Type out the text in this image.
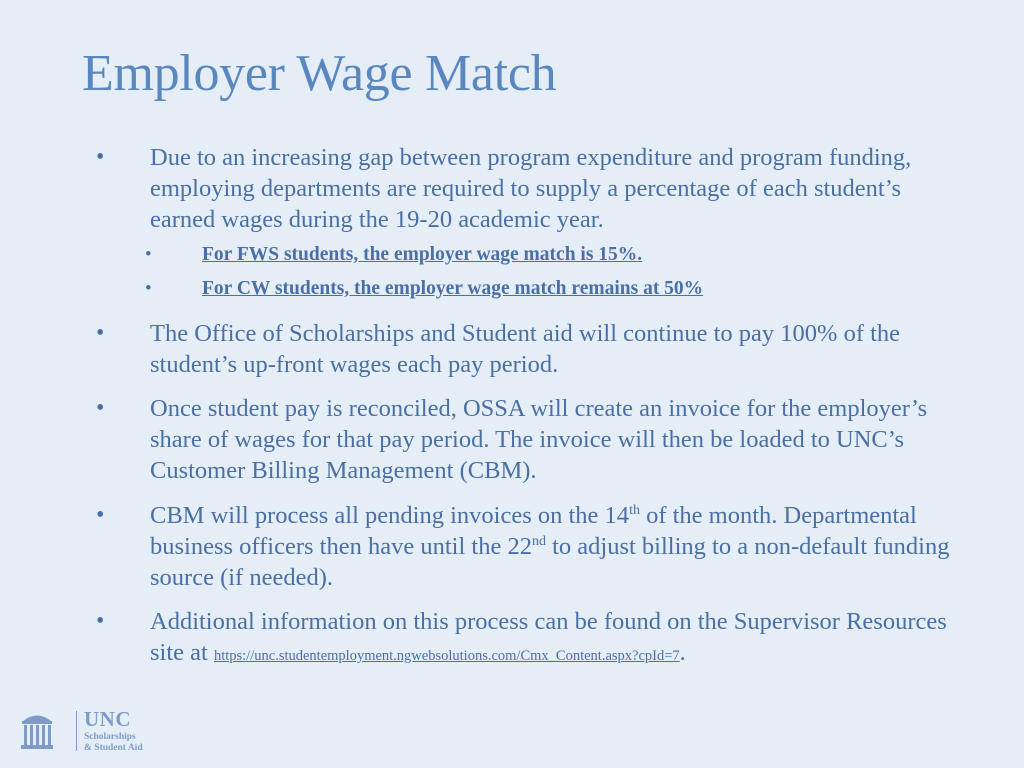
Employer Wage Match
• Due to an increasing gap between program expenditure and program funding, employing departments are required to supply a percentage of each student’s earned wages during the 19-20 academic year.
•	For FWS students, the employer wage match is 15%.
•	For CW students, the employer wage match remains at 50%
• The Office of Scholarships and Student aid will continue to pay 100% of the student’s up-front wages each pay period.
• Once student pay is reconciled, OSSA will create an invoice for the employer’s share of wages for that pay period. The invoice will then be loaded to UNC’s Customer Billing Management (CBM).
• CBM will process all pending invoices on the 14th of the month. Departmental business officers then have until the 22nd to adjust billing to a non-default funding source (if needed).
• Additional information on this process can be found on the Supervisor Resources site at https://unc.studentemployment.ngwebsolutions.com/Cmx_Content.aspx?cpId=7.
UNC
Scholarships
& Student Aid
